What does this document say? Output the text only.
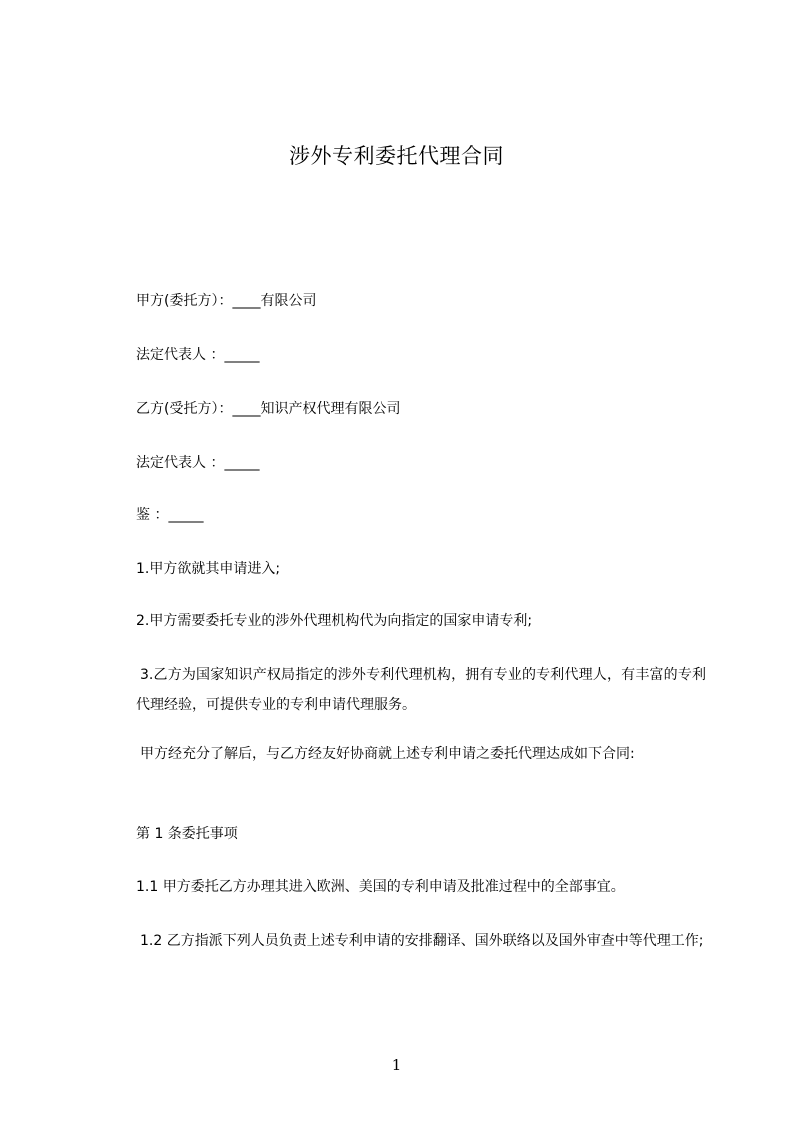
涉外专利委托代理合同
甲方(委托方）：____有限公司
法定代表人 ：_____
乙方(受托方）：____知识产权代理有限公司
法定代表人 ：_____
鉴 ：_____
1.甲方欲就其申请进入;
2.甲方需要委托专业的涉外代理机构代为向指定的国家申请专利;
3.乙方为国家知识产权局指定的涉外专利代理机构，拥有专业的专利代理人，有丰富的专利代理经验，可提供专业的专利申请代理服务。
甲方经充分了解后，与乙方经友好协商就上述专利申请之委托代理达成如下合同:
第 1 条委托事项
1.1 甲方委托乙方办理其进入欧洲、美国的专利申请及批准过程中的全部事宜。
1.2 乙方指派下列人员负责上述专利申请的安排翻译、国外联络以及国外审查中等代理工作;
1
